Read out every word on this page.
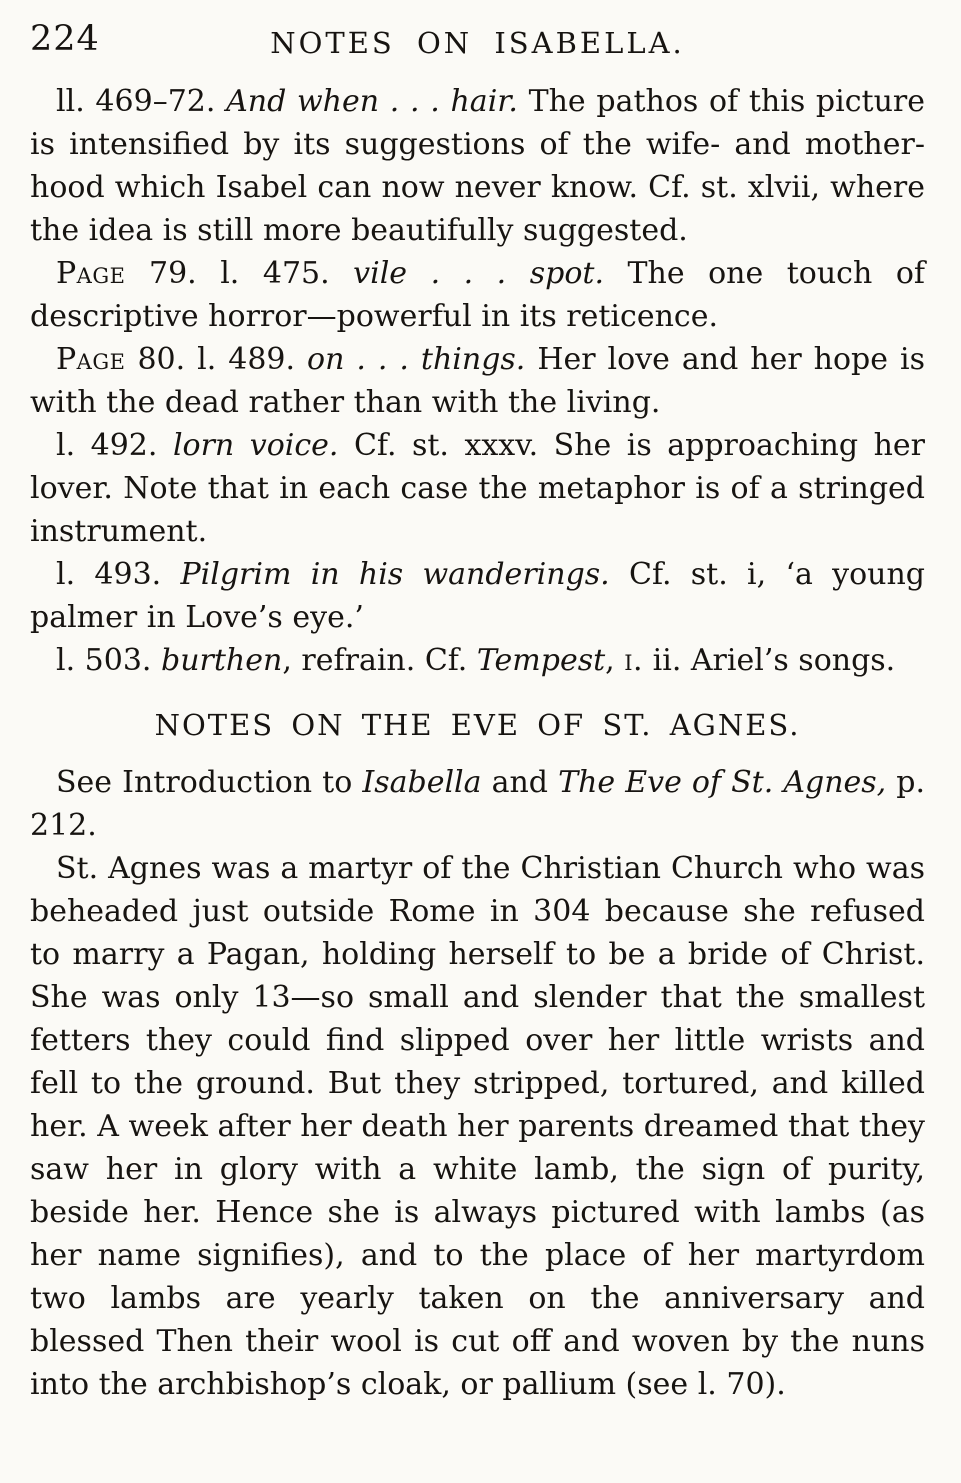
224	NOTES ON ISABELLA.

ll. 469–72. And when . . . hair. The pathos of this picture is intensified by its suggestions of the wife- and mother-hood which Isabel can now never know. Cf. st. xlvii, where the idea is still more beautifully suggested.

Page 79. l. 475. vile . . . spot. The one touch of descriptive horror—powerful in its reticence.

Page 80. l. 489. on . . . things. Her love and her hope is with the dead rather than with the living.

l. 492. lorn voice. Cf. st. xxxv. She is approaching her lover. Note that in each case the metaphor is of a stringed instrument.

l. 493. Pilgrim in his wanderings. Cf. st. i, ‘a young palmer in Love’s eye.’

l. 503. burthen, refrain. Cf. Tempest, i. ii. Ariel’s songs.

NOTES ON THE EVE OF ST. AGNES.

See Introduction to Isabella and The Eve of St. Agnes, p. 212.

St. Agnes was a martyr of the Christian Church who was beheaded just outside Rome in 304 because she refused to marry a Pagan, holding herself to be a bride of Christ. She was only 13—so small and slender that the smallest fetters they could find slipped over her little wrists and fell to the ground. But they stripped, tortured, and killed her. A week after her death her parents dreamed that they saw her in glory with a white lamb, the sign of purity, beside her. Hence she is always pictured with lambs (as her name signifies), and to the place of her martyrdom two lambs are yearly taken on the anniversary and blessed Then their wool is cut off and woven by the nuns into the archbishop’s cloak, or pallium (see l. 70).
